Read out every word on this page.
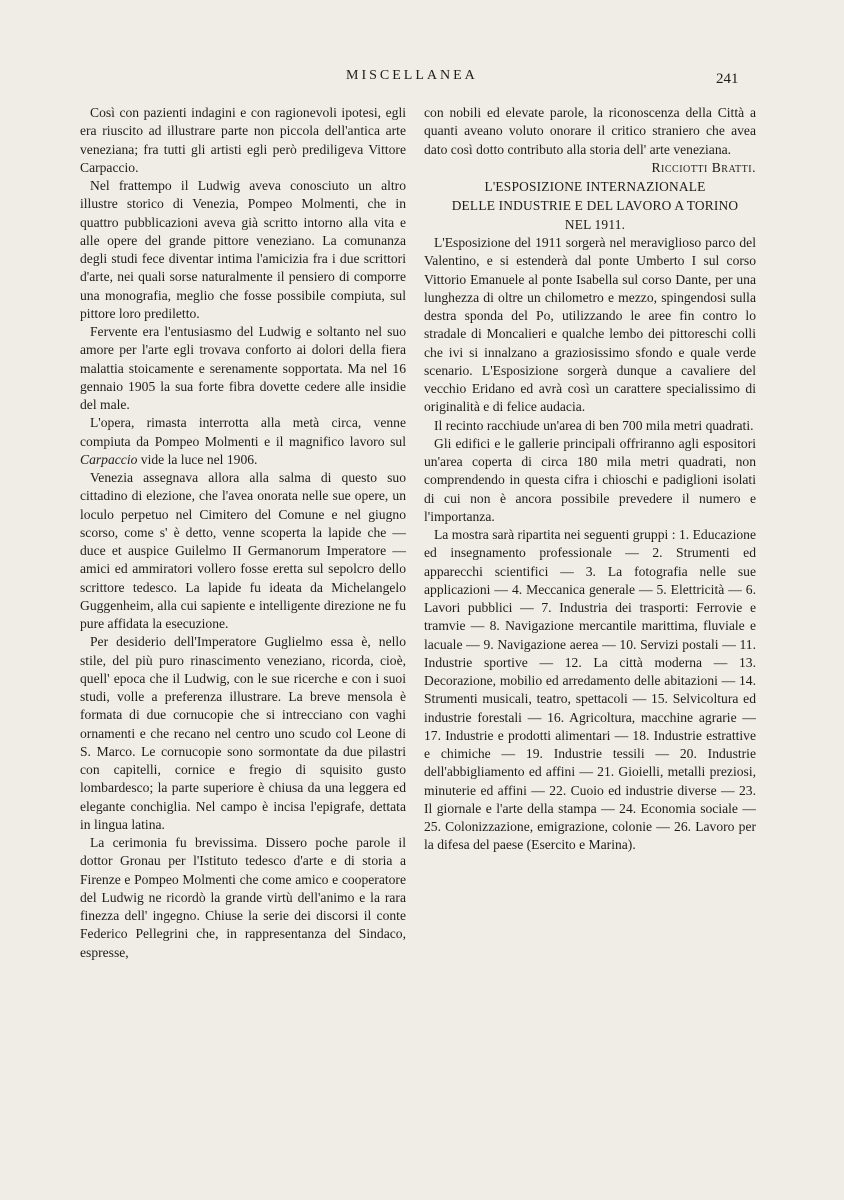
MISCELLANEA	241

Così con pazienti indagini e con ragionevoli ipotesi, egli era riuscito ad illustrare parte non piccola dell'antica arte veneziana; fra tutti gli artisti egli però prediligeva Vittore Carpaccio.

Nel frattempo il Ludwig aveva conosciuto un altro illustre storico di Venezia, Pompeo Molmenti, che in quattro pubblicazioni aveva già scritto intorno alla vita e alle opere del grande pittore veneziano. La comunanza degli studi fece diventar intima l'amicizia fra i due scrittori d'arte, nei quali sorse naturalmente il pensiero di comporre una monografia, meglio che fosse possibile compiuta, sul pittore loro prediletto.

Fervente era l'entusiasmo del Ludwig e soltanto nel suo amore per l'arte egli trovava conforto ai dolori della fiera malattia stoicamente e serenamente sopportata. Ma nel 16 gennaio 1905 la sua forte fibra dovette cedere alle insidie del male.

L'opera, rimasta interrotta alla metà circa, venne compiuta da Pompeo Molmenti e il magnifico lavoro sul Carpaccio vide la luce nel 1906.

Venezia assegnava allora alla salma di questo suo cittadino di elezione, che l'avea onorata nelle sue opere, un loculo perpetuo nel Cimitero del Comune e nel giugno scorso, come s' è detto, venne scoperta la lapide che — duce et auspice Guilelmo II Germanorum Imperatore — amici ed ammiratori vollero fosse eretta sul sepolcro dello scrittore tedesco. La lapide fu ideata da Michelangelo Guggenheim, alla cui sapiente e intelligente direzione ne fu pure affidata la esecuzione.

Per desiderio dell'Imperatore Guglielmo essa è, nello stile, del più puro rinascimento veneziano, ricorda, cioè, quell' epoca che il Ludwig, con le sue ricerche e con i suoi studi, volle a preferenza illustrare. La breve mensola è formata di due cornucopie che si intrecciano con vaghi ornamenti e che recano nel centro uno scudo col Leone di S. Marco. Le cornucopie sono sormontate da due pilastri con capitelli, cornice e fregio di squisito gusto lombardesco; la parte superiore è chiusa da una leggera ed elegante conchiglia. Nel campo è incisa l'epigrafe, dettata in lingua latina.

La cerimonia fu brevissima. Dissero poche parole il dottor Gronau per l'Istituto tedesco d'arte e di storia a Firenze e Pompeo Molmenti che come amico e cooperatore del Ludwig ne ricordò la grande virtù dell'animo e la rara finezza dell' ingegno. Chiuse la serie dei discorsi il conte Federico Pellegrini che, in rappresentanza del Sindaco, espresse,

con nobili ed elevate parole, la riconoscenza della Città a quanti aveano voluto onorare il critico straniero che avea dato così dotto contributo alla storia dell' arte veneziana.

Ricciotti Bratti.

L'ESPOSIZIONE INTERNAZIONALE
DELLE INDUSTRIE E DEL LAVORO A TORINO
NEL 1911.

L'Esposizione del 1911 sorgerà nel meraviglioso parco del Valentino, e si estenderà dal ponte Umberto I sul corso Vittorio Emanuele al ponte Isabella sul corso Dante, per una lunghezza di oltre un chilometro e mezzo, spingendosi sulla destra sponda del Po, utilizzando le aree fin contro lo stradale di Moncalieri e qualche lembo dei pittoreschi colli che ivi si innalzano a graziosissimo sfondo e quale verde scenario. L'Esposizione sorgerà dunque a cavaliere del vecchio Eridano ed avrà così un carattere specialissimo di originalità e di felice audacia.

Il recinto racchiude un'area di ben 700 mila metri quadrati.

Gli edifici e le gallerie principali offriranno agli espositori un'area coperta di circa 180 mila metri quadrati, non comprendendo in questa cifra i chioschi e padiglioni isolati di cui non è ancora possibile prevedere il numero e l'importanza.

La mostra sarà ripartita nei seguenti gruppi : 1. Educazione ed insegnamento professionale — 2. Strumenti ed apparecchi scientifici — 3. La fotografia nelle sue applicazioni — 4. Meccanica generale — 5. Elettricità — 6. Lavori pubblici — 7. Industria dei trasporti: Ferrovie e tramvie — 8. Navigazione mercantile marittima, fluviale e lacuale — 9. Navigazione aerea — 10. Servizi postali — 11. Industrie sportive — 12. La città moderna — 13. Decorazione, mobilio ed arredamento delle abitazioni — 14. Strumenti musicali, teatro, spettacoli — 15. Selvicoltura ed industrie forestali — 16. Agricoltura, macchine agrarie — 17. Industrie e prodotti alimentari — 18. Industrie estrattive e chimiche — 19. Industrie tessili — 20. Industrie dell'abbigliamento ed affini — 21. Gioielli, metalli preziosi, minuterie ed affini — 22. Cuoio ed industrie diverse — 23. Il giornale e l'arte della stampa — 24. Economia sociale — 25. Colonizzazione, emigrazione, colonie — 26. Lavoro per la difesa del paese (Esercito e Marina).
